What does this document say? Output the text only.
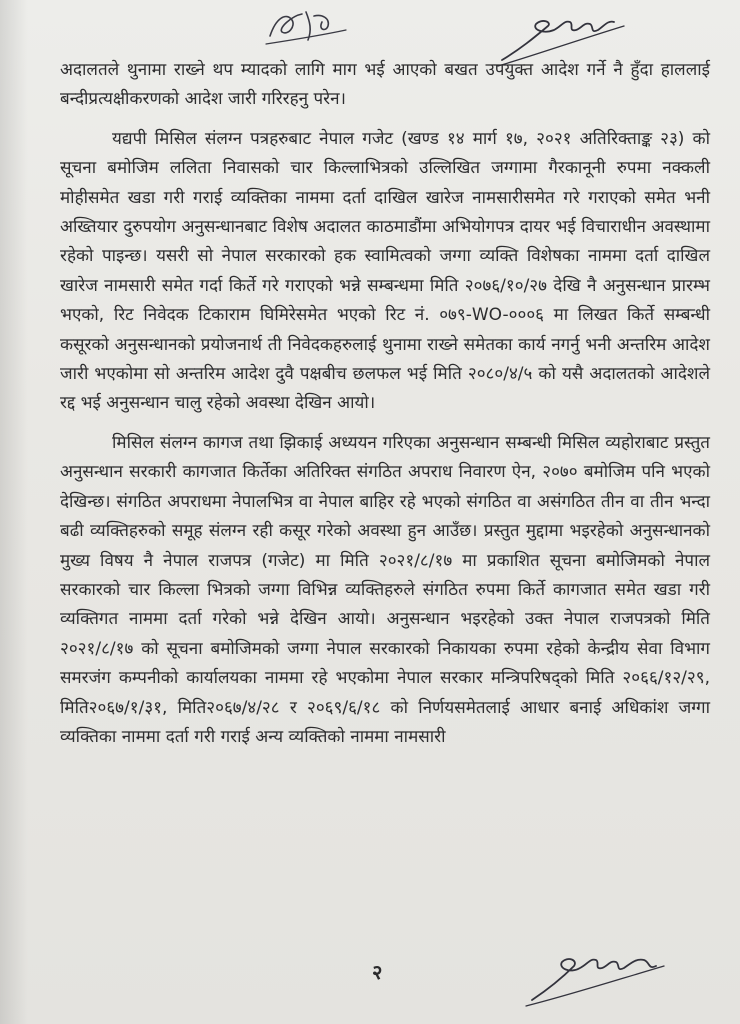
अदालतले थुनामा राख्ने थप म्यादको लागि माग भई आएको बखत उपयुक्त आदेश गर्ने नै हुँदा हाललाई बन्दीप्रत्यक्षीकरणको आदेश जारी गरिरहनु परेन।

यद्यपी मिसिल संलग्न पत्रहरुबाट नेपाल गजेट (खण्ड १४ मार्ग १७, २०२१ अतिरिक्ताङ्क २३) को सूचना बमोजिम ललिता निवासको चार किल्लाभित्रको उल्लिखित जग्गामा गैरकानूनी रुपमा नक्कली मोहीसमेत खडा गरी गराई व्यक्तिका नाममा दर्ता दाखिल खारेज नामसारीसमेत गरे गराएको समेत भनी अख्तियार दुरुपयोग अनुसन्धानबाट विशेष अदालत काठमाडौंमा अभियोगपत्र दायर भई विचाराधीन अवस्थामा रहेको पाइन्छ। यसरी सो नेपाल सरकारको हक स्वामित्वको जग्गा व्यक्ति विशेषका नाममा दर्ता दाखिल खारेज नामसारी समेत गर्दा किर्ते गरे गराएको भन्ने सम्बन्धमा मिति २०७६/१०/२७ देखि नै अनुसन्धान प्रारम्भ भएको, रिट निवेदक टिकाराम घिमिरेसमेत भएको रिट नं. ०७९-WO-०००६ मा लिखत किर्ते सम्बन्धी कसूरको अनुसन्धानको प्रयोजनार्थ ती निवेदकहरुलाई थुनामा राख्ने समेतका कार्य नगर्नु भनी अन्तरिम आदेश जारी भएकोमा सो अन्तरिम आदेश दुवै पक्षबीच छलफल भई मिति २०८०/४/५ को यसै अदालतको आदेशले रद्द भई अनुसन्धान चालु रहेको अवस्था देखिन आयो।

मिसिल संलग्न कागज तथा झिकाई अध्ययन गरिएका अनुसन्धान सम्बन्धी मिसिल व्यहोराबाट प्रस्तुत अनुसन्धान सरकारी कागजात किर्तेका अतिरिक्त संगठित अपराध निवारण ऐन, २०७० बमोजिम पनि भएको देखिन्छ। संगठित अपराधमा नेपालभित्र वा नेपाल बाहिर रहे भएको संगठित वा असंगठित तीन वा तीन भन्दा बढी व्यक्तिहरुको समूह संलग्न रही कसूर गरेको अवस्था हुन आउँछ। प्रस्तुत मुद्दामा भइरहेको अनुसन्धानको मुख्य विषय नै नेपाल राजपत्र (गजेट) मा मिति २०२१/८/१७ मा प्रकाशित सूचना बमोजिमको नेपाल सरकारको चार किल्ला भित्रको जग्गा विभिन्न व्यक्तिहरुले संगठित रुपमा किर्ते कागजात समेत खडा गरी व्यक्तिगत नाममा दर्ता गरेको भन्ने देखिन आयो। अनुसन्धान भइरहेको उक्त नेपाल राजपत्रको मिति २०२१/८/१७ को सूचना बमोजिमको जग्गा नेपाल सरकारको निकायका रुपमा रहेको केन्द्रीय सेवा विभाग समरजंग कम्पनीको कार्यालयका नाममा रहे भएकोमा नेपाल सरकार मन्त्रिपरिषद्को मिति २०६६/१२/२९, मिति२०६७/१/३१, मिति२०६७/४/२८ र २०६९/६/१८ को निर्णयसमेतलाई आधार बनाई अधिकांश जग्गा व्यक्तिका नाममा दर्ता गरी गराई अन्य व्यक्तिको नाममा नामसारी

२
